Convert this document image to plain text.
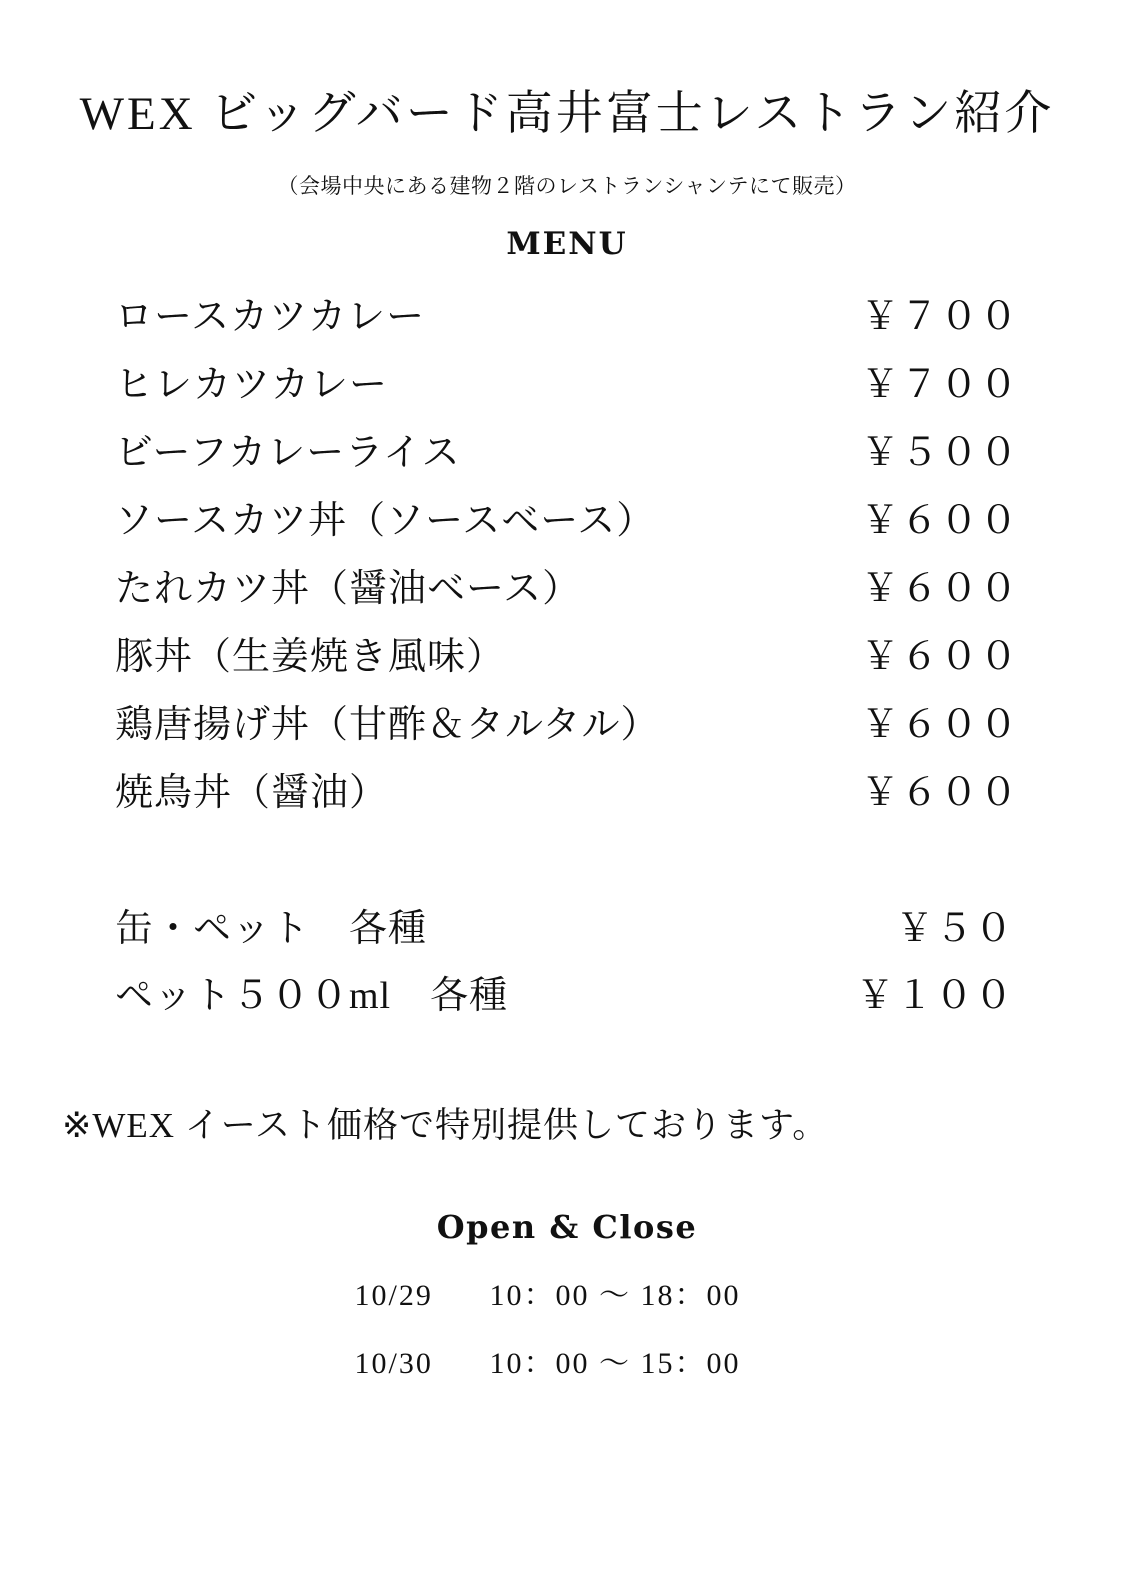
WEX ビッグバード高井富士レストラン紹介

（会場中央にある建物２階のレストランシャンテにて販売）

MENU
ロースカツカレー	￥７００
ヒレカツカレー	￥７００
ビーフカレーライス	￥５００
ソースカツ丼（ソースベース）	￥６００
たれカツ丼（醤油ベース）	￥６００
豚丼（生姜焼き風味）	￥６００
鶏唐揚げ丼（甘酢＆タルタル）	￥６００
焼鳥丼（醤油）	￥６００
缶・ペット　各種	￥５０
ペット５００ml　各種	￥１００

※WEX イースト価格で特別提供しております。

Open & Close
10/29	10：00 〜 18：00
10/30	10：00 〜 15：00
